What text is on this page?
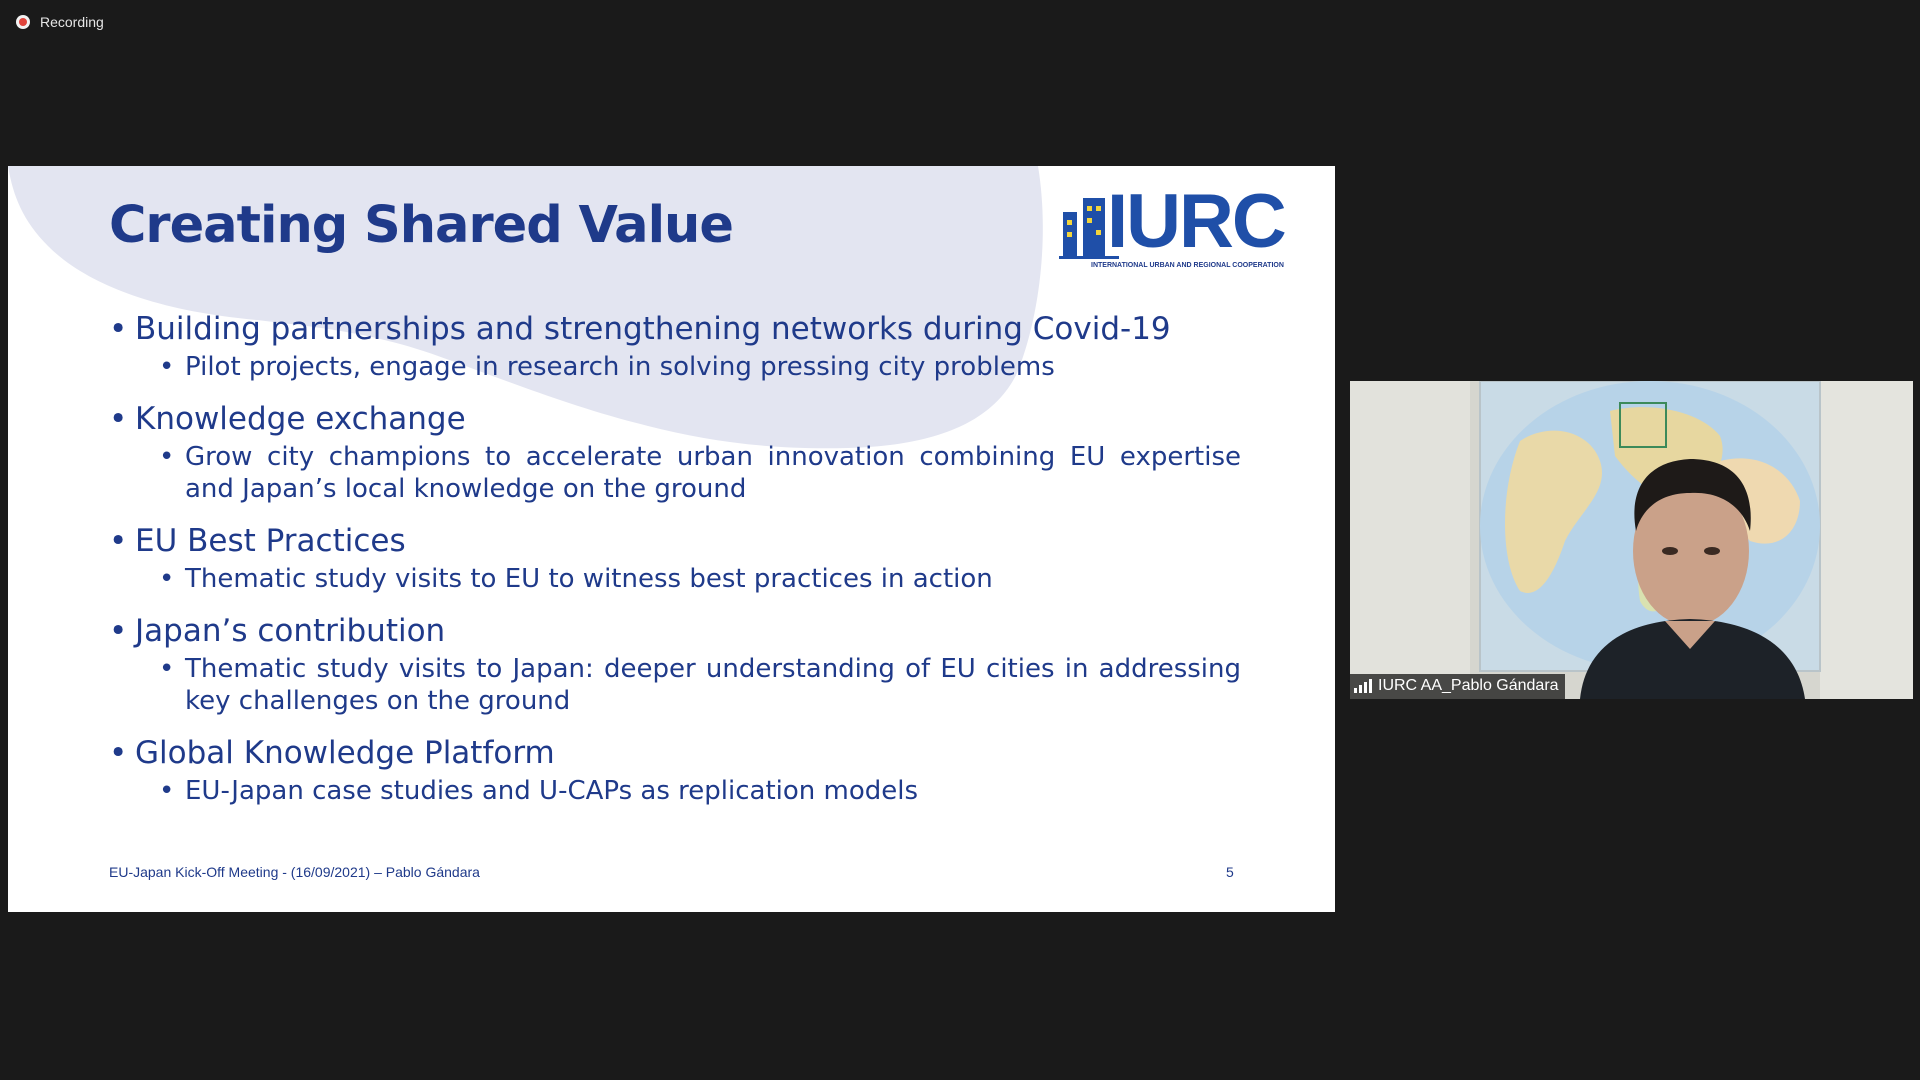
Recording
Creating Shared Value	IURC
INTERNATIONAL URBAN AND REGIONAL COOPERATION
• Building partnerships and strengthening networks during Covid-19
• Pilot projects, engage in research in solving pressing city problems
• Knowledge exchange
• Grow city champions to accelerate urban innovation combining EU expertise and Japan’s local knowledge on the ground
• EU Best Practices
• Thematic study visits to EU to witness best practices in action
• Japan’s contribution
• Thematic study visits to Japan: deeper understanding of EU cities in addressing key challenges on the ground
• Global Knowledge Platform
• EU-Japan case studies and U-CAPs as replication models
EU-Japan Kick-Off Meeting - (16/09/2021) – Pablo Gándara	5
IURC AA_Pablo Gándara
